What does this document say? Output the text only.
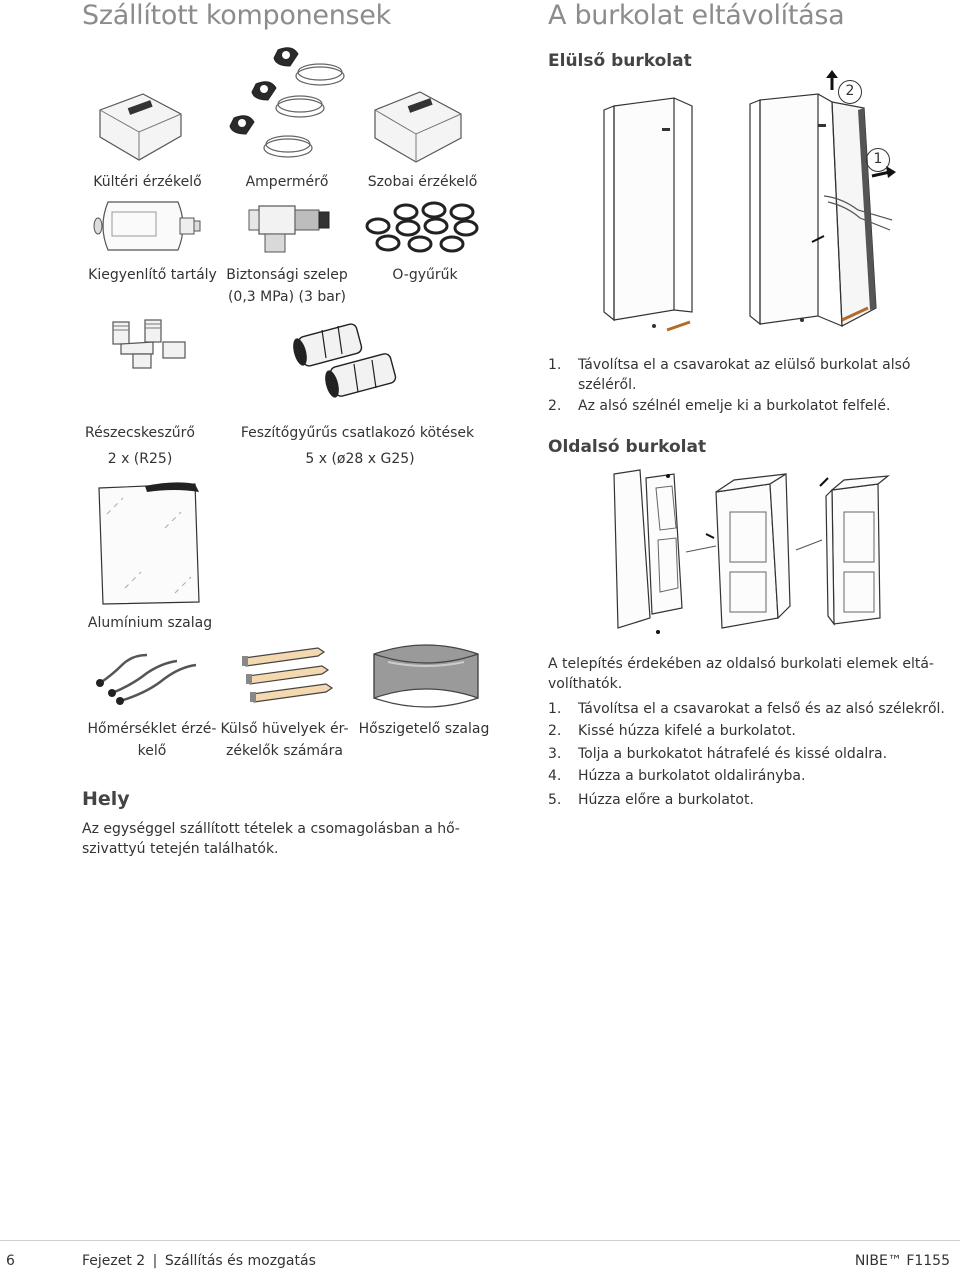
Szállított komponensek	A burkolat eltávolítása
Elülső burkolat
Kültéri érzékelő	Ampermérő	Szobai érzékelő
Kiegyenlítő tartály Biztonsági szelep
(0,3 MPa) (3 bar)
O-gyűrűk
Részecskeszűrő
2 x (R25)
Feszítőgyűrűs csatlakozó kötések
5 x (ø28 x G25)
Alumínium szalag
Hőmérséklet érzé-
kelő
Külső hüvelyek ér-
zékelők számára
Hőszigetelő szalag
Hely
Az egységgel szállított tételek a csomagolásban a hő-
szivattyú tetején találhatók.
2
1
1.	Távolítsa el a csavarokat az elülső burkolat alsó
széléről.
2.	Az alsó szélnél emelje ki a burkolatot felfelé.
Oldalsó burkolat
A telepítés érdekében az oldalsó burkolati elemek eltá-
volíthatók.
1.	Távolítsa el a csavarokat a felső és az alsó szélekről.
2.	Kissé húzza kifelé a burkolatot.
3.	Tolja a burkokatot hátrafelé és kissé oldalra.
4.	Húzza a burkolatot oldalirányba.
5.	Húzza előre a burkolatot.
6	Fejezet 2 | Szállítás és mozgatás	NIBE™ F1155
